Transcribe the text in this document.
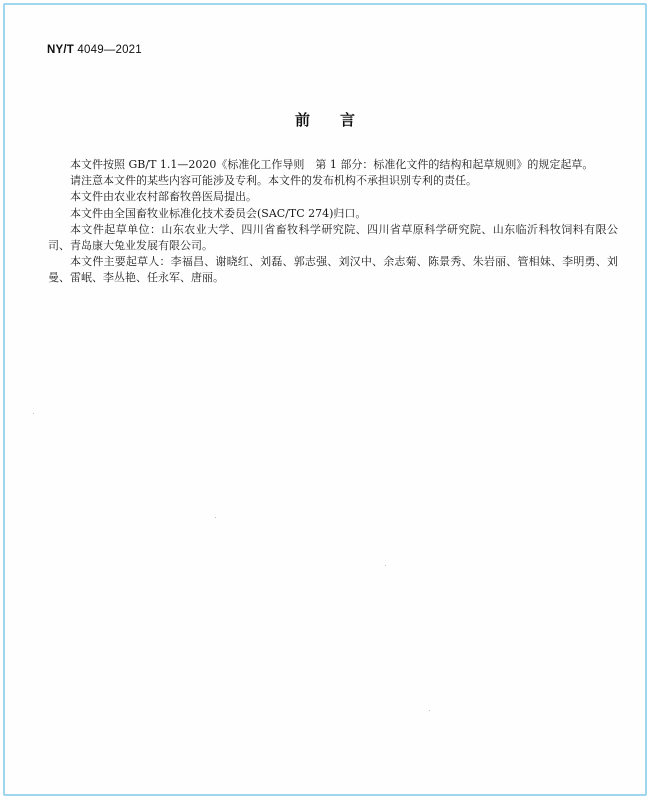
NY/T 4049—2021
前言

本文件按照 GB/T 1.1—2020《标准化工作导则　第 1 部分：标准化文件的结构和起草规则》的规定起草。

请注意本文件的某些内容可能涉及专利。本文件的发布机构不承担识别专利的责任。

本文件由农业农村部畜牧兽医局提出。

本文件由全国畜牧业标准化技术委员会(SAC/TC 274)归口。

本文件起草单位：山东农业大学、四川省畜牧科学研究院、四川省草原科学研究院、山东临沂科牧饲料有限公司、青岛康大兔业发展有限公司。

本文件主要起草人：李福昌、谢晓红、刘磊、郭志强、刘汉中、余志菊、陈景秀、朱岩丽、管相妹、李明勇、刘曼、雷岷、李丛艳、任永军、唐丽。
